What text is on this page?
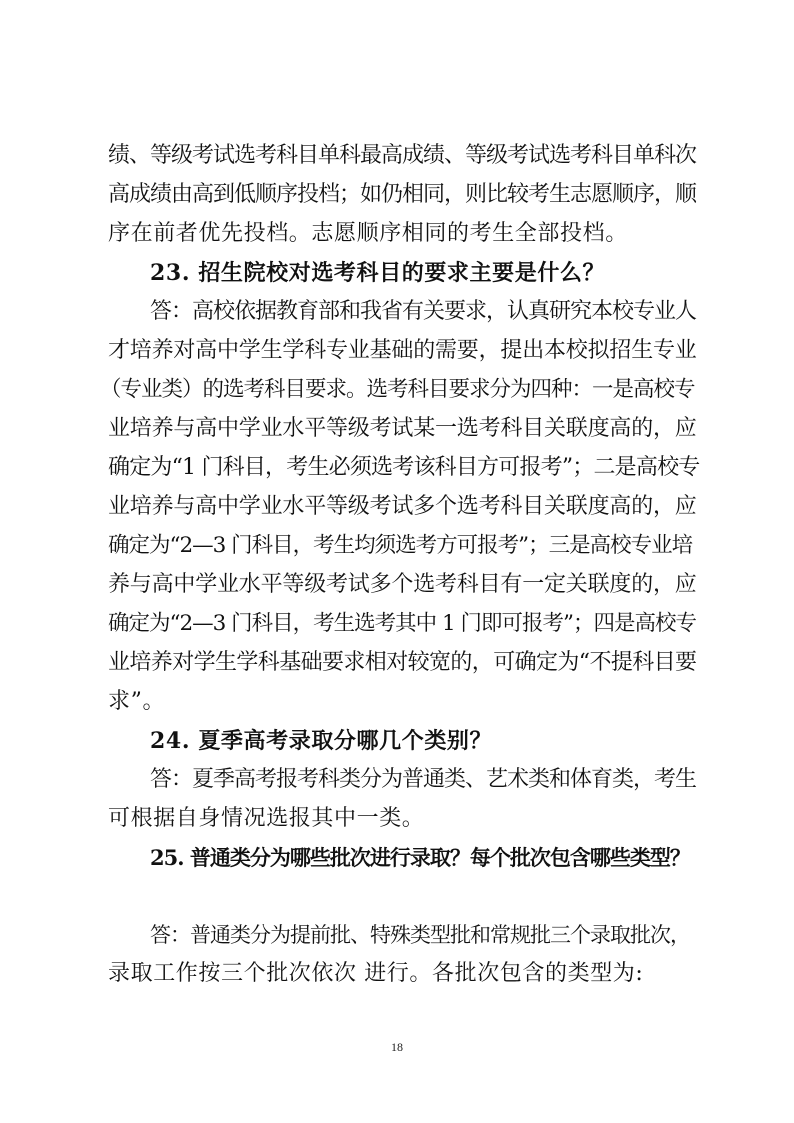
绩、等级考试选考科目单科最高成绩、等级考试选考科目单科次
高成绩由高到低顺序投档；如仍相同，则比较考生志愿顺序，顺
序在前者优先投档。志愿顺序相同的考生全部投档。
23. 招生院校对选考科目的要求主要是什么？
答：高校依据教育部和我省有关要求，认真研究本校专业人
才培养对高中学生学科专业基础的需要，提出本校拟招生专业
（专业类）的选考科目要求。选考科目要求分为四种：一是高校专
业培养与高中学业水平等级考试某一选考科目关联度高的，应
确定为“1 门科目，考生必须选考该科目方可报考”；二是高校专
业培养与高中学业水平等级考试多个选考科目关联度高的，应
确定为“2—3 门科目，考生均须选考方可报考”；三是高校专业培
养与高中学业水平等级考试多个选考科目有一定关联度的，应
确定为“2—3 门科目，考生选考其中 1 门即可报考”；四是高校专
业培养对学生学科基础要求相对较宽的，可确定为“不提科目要
求”。
24. 夏季高考录取分哪几个类别？
答：夏季高考报考科类分为普通类、艺术类和体育类，考生
可根据自身情况选报其中一类。
25. 普通类分为哪些批次进行录取？每个批次包含哪些类型？
答：普通类分为提前批、特殊类型批和常规批三个录取批次，
录取工作按三个批次依次 进行。各批次包含的类型为:
18
